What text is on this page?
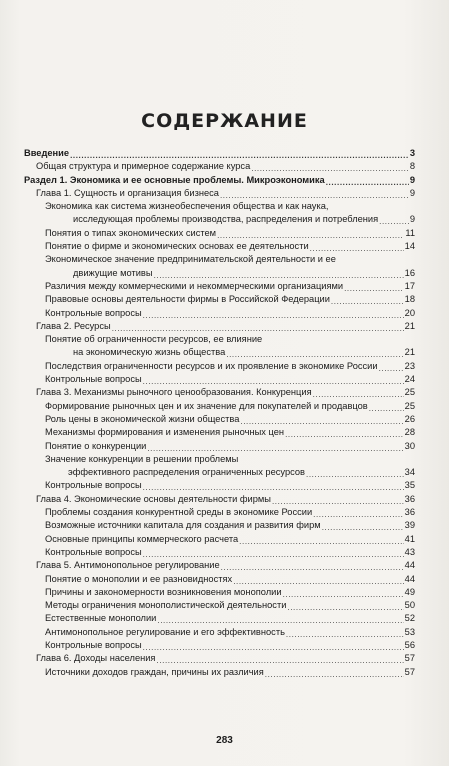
СОДЕРЖАНИЕ
Введение .....	3
Общая структура и примерное содержание курса .....	8
Раздел 1. Экономика и ее основные проблемы. Микроэкономика .....	9
Глава 1. Сущность и организация бизнеса .....	9
Экономика как система жизнеобеспечения общества и как наука,
исследующая проблемы производства, распределения и потребления .....	9
Понятия о типах экономических систем .....	11
Понятие о фирме и экономических основах ее деятельности .....	14
Экономическое значение предпринимательской деятельности и ее
движущие мотивы .....	16
Различия между коммерческими и некоммерческими организациями .....	17
Правовые основы деятельности фирмы в Российской Федерации .....	18
Контрольные вопросы .....	20
Глава 2. Ресурсы .....	21
Понятие об ограниченности ресурсов, ее влияние
на экономическую жизнь общества .....	21
Последствия ограниченности ресурсов и их проявление в экономике России .....	23
Контрольные вопросы .....	24
Глава 3. Механизмы рыночного ценообразования. Конкуренция .....	25
Формирование рыночных цен и их значение для покупателей и продавцов .....	25
Роль цены в экономической жизни общества .....	26
Механизмы формирования и изменения рыночных цен .....	28
Понятие о конкуренции .....	30
Значение конкуренции в решении проблемы
эффективного распределения ограниченных ресурсов .....	34
Контрольные вопросы .....	35
Глава 4. Экономические основы деятельности фирмы .....	36
Проблемы создания конкурентной среды в экономике России .....	36
Возможные источники капитала для создания и развития фирм .....	39
Основные принципы коммерческого расчета .....	41
Контрольные вопросы .....	43
Глава 5. Антимонопольное регулирование .....	44
Понятие о монополии и ее разновидностях .....	44
Причины и закономерности возникновения монополии .....	49
Методы ограничения монополистической деятельности .....	50
Естественные монополии .....	52
Антимонопольное регулирование и его эффективность .....	53
Контрольные вопросы .....	56
Глава 6. Доходы населения .....	57
Источники доходов граждан, причины их различия .....	57
283
